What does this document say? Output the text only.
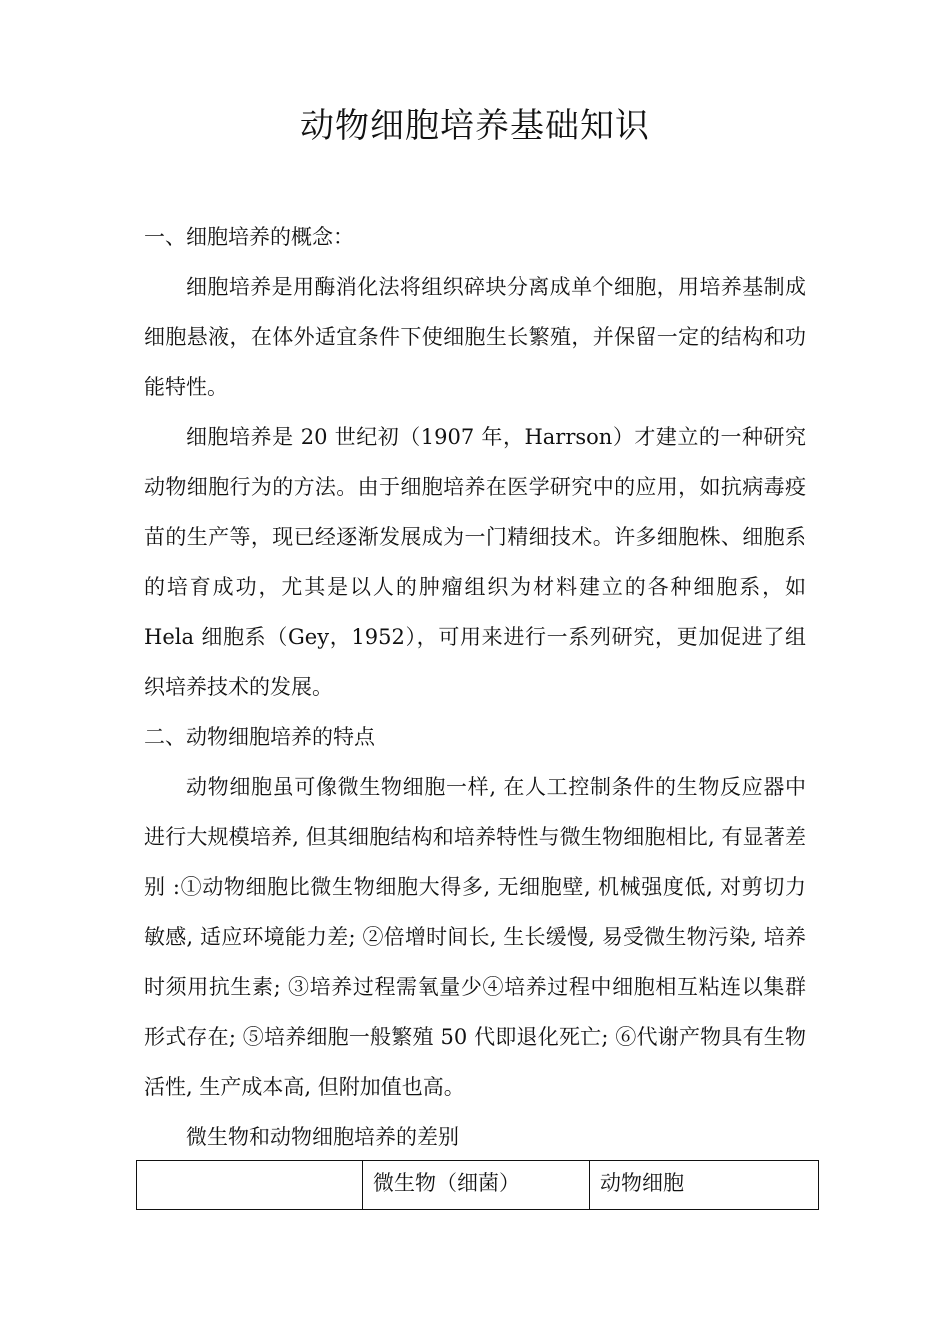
动物细胞培养基础知识

一、细胞培养的概念：

细胞培养是用酶消化法将组织碎块分离成单个细胞，用培养基制成细胞悬液，在体外适宜条件下使细胞生长繁殖，并保留一定的结构和功能特性。

细胞培养是 20 世纪初（1907 年，Harrson）才建立的一种研究动物细胞行为的方法。由于细胞培养在医学研究中的应用，如抗病毒疫苗的生产等，现已经逐渐发展成为一门精细技术。许多细胞株、细胞系的培育成功，尤其是以人的肿瘤组织为材料建立的各种细胞系，如 Hela 细胞系（Gey，1952），可用来进行一系列研究，更加促进了组织培养技术的发展。

二、动物细胞培养的特点

动物细胞虽可像微生物细胞一样, 在人工控制条件的生物反应器中进行大规模培养, 但其细胞结构和培养特性与微生物细胞相比, 有显著差别 :①动物细胞比微生物细胞大得多, 无细胞壁, 机械强度低, 对剪切力敏感, 适应环境能力差; ②倍增时间长, 生长缓慢, 易受微生物污染, 培养时须用抗生素; ③培养过程需氧量少④培养过程中细胞相互粘连以集群形式存在; ⑤培养细胞一般繁殖 50 代即退化死亡; ⑥代谢产物具有生物活性, 生产成本高, 但附加值也高。

微生物和动物细胞培养的差别

	微生物（细菌）	动物细胞
